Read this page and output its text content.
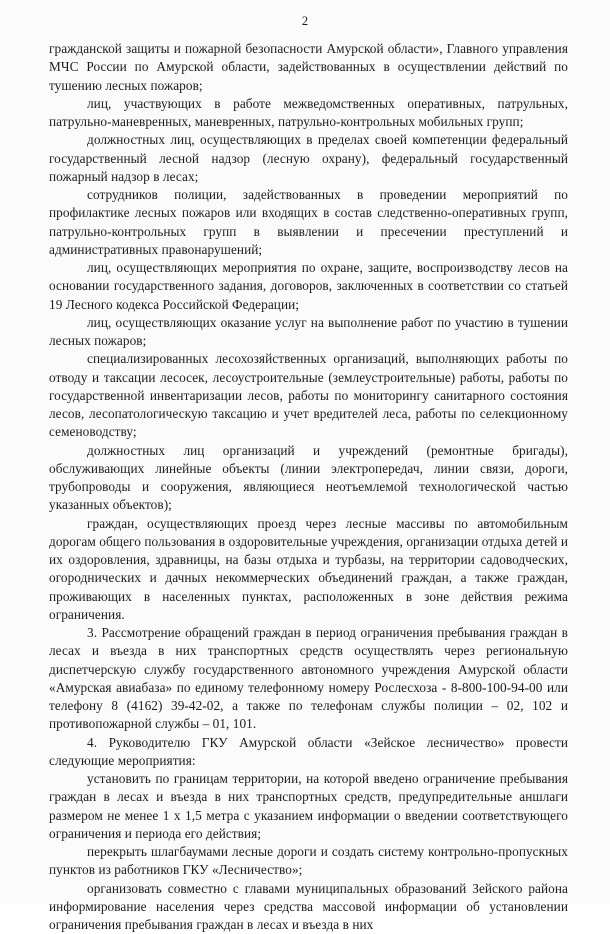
2

гражданской защиты и пожарной безопасности Амурской области», Главного управления МЧС России по Амурской области, задействованных в осуществлении действий по тушению лесных пожаров;

лиц, участвующих в работе межведомственных оперативных, патрульных, патрульно-маневренных, маневренных, патрульно-контрольных мобильных групп;

должностных лиц, осуществляющих в пределах своей компетенции федеральный государственный лесной надзор (лесную охрану), федеральный государственный пожарный надзор в лесах;

сотрудников полиции, задействованных в проведении мероприятий по профилактике лесных пожаров или входящих в состав следственно-оперативных групп, патрульно-контрольных групп в выявлении и пресечении преступлений и административных правонарушений;

лиц, осуществляющих мероприятия по охране, защите, воспроизводству лесов на основании государственного задания, договоров, заключенных в соответствии со статьей 19 Лесного кодекса Российской Федерации;

лиц, осуществляющих оказание услуг на выполнение работ по участию в тушении лесных пожаров;

специализированных лесохозяйственных организаций, выполняющих работы по отводу и таксации лесосек, лесоустроительные (землеустроительные) работы, работы по государственной инвентаризации лесов, работы по мониторингу санитарного состояния лесов, лесопатологическую таксацию и учет вредителей леса, работы по селекционному семеноводству;

должностных лиц организаций и учреждений (ремонтные бригады), обслуживающих линейные объекты (линии электропередач, линии связи, дороги, трубопроводы и сооружения, являющиеся неотъемлемой технологической частью указанных объектов);

граждан, осуществляющих проезд через лесные массивы по автомобильным дорогам общего пользования в оздоровительные учреждения, организации отдыха детей и их оздоровления, здравницы, на базы отдыха и турбазы, на территории садоводческих, огороднических и дачных некоммерческих объединений граждан, а также граждан, проживающих в населенных пунктах, расположенных в зоне действия режима ограничения.

3. Рассмотрение обращений граждан в период ограничения пребывания граждан в лесах и въезда в них транспортных средств осуществлять через региональную диспетчерскую службу государственного автономного учреждения Амурской области «Амурская авиабаза» по единому телефонному номеру Рослесхоза - 8-800-100-94-00 или телефону 8 (4162) 39-42-02, а также по телефонам службы полиции – 02, 102 и противопожарной службы – 01, 101.

4. Руководителю ГКУ Амурской области «Зейское лесничество» провести следующие мероприятия:

установить по границам территории, на которой введено ограничение пребывания граждан в лесах и въезда в них транспортных средств, предупредительные аншлаги размером не менее 1 х 1,5 метра с указанием информации о введении соответствующего ограничения и периода его действия;

перекрыть шлагбаумами лесные дороги и создать систему контрольно-пропускных пунктов из работников ГКУ «Лесничество»;

организовать совместно с главами муниципальных образований Зейского района информирование населения через средства массовой информации об установлении ограничения пребывания граждан в лесах и въезда в них
